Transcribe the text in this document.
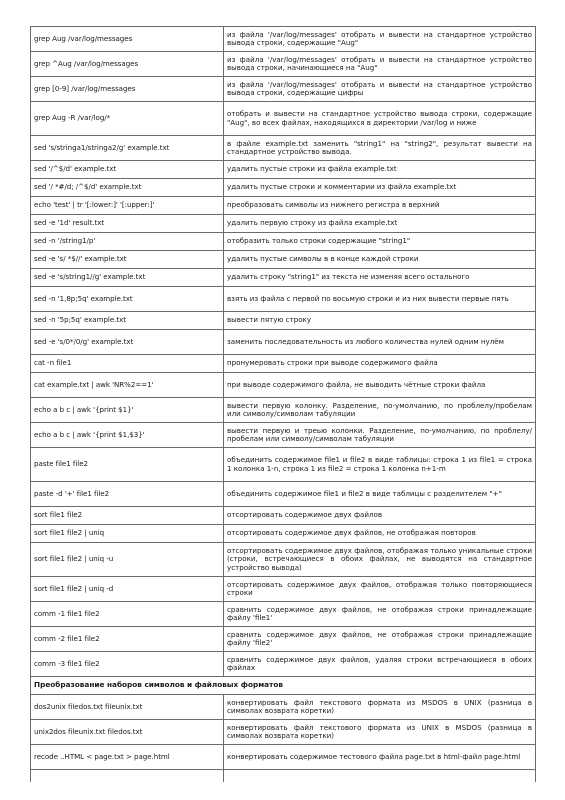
grep Aug /var/log/messages	из файла '/var/log/messages' отобрать и вывести на стандартное устройство вывода строки, содержащие "Aug"
grep ^Aug /var/log/messages	из файла '/var/log/messages' отобрать и вывести на стандартное устройство вывода строки, начинающиеся на "Aug"
grep [0-9] /var/log/messages	из файла '/var/log/messages' отобрать и вывести на стандартное устройство вывода строки, содержащие цифры
grep Aug -R /var/log/*	отобрать и вывести на стандартное устройство вывода строки, содержащие "Aug", во всех файлах, находящихся в директории /var/log и ниже
sed 's/stringa1/stringa2/g' example.txt	в файле example.txt заменить "string1" на "string2", результат вывести на стандартное устройство вывода.
sed '/^$/d' example.txt	удалить пустые строки из файла example.txt
sed '/ *#/d; /^$/d' example.txt	удалить пустые строки и комментарии из файла example.txt
echo 'test' | tr '[:lower:]' '[:upper:]'	преобразовать символы из нижнего регистра в верхний
sed -e '1d' result.txt	удалить первую строку из файла example.txt
sed -n '/string1/p'	отобразить только строки содержащие "string1"
sed -e 's/ *$//' example.txt	удалить пустые символы в в конце каждой строки
sed -e 's/string1//g' example.txt	удалить строку "string1" из текста не изменяя всего остального
sed -n '1,8p;5q' example.txt	взять из файла с первой по восьмую строки и из них вывести первые пять
sed -n '5p;5q' example.txt	вывести пятую строку
sed -e 's/0*/0/g' example.txt	заменить последовательность из любого количества нулей одним нулём
cat -n file1	пронумеровать строки при выводе содержимого файла
cat example.txt | awk 'NR%2==1'	при выводе содержимого файла, не выводить чётные строки файла
echo a b c | awk '{print $1}'	вывести первую колонку. Разделение, по-умолчанию, по проблелу/пробелам или символу/символам табуляции
echo a b c | awk '{print $1,$3}'	вывести первую и треью колонки. Разделение, по-умолчанию, по проблелу/пробелам или символу/символам табуляции
paste file1 file2	объединить содержимое file1 и file2 в виде таблицы: строка 1 из file1 = строка 1 колонка 1-n, строка 1 из file2 = строка 1 колонка n+1-m
paste -d '+' file1 file2	объединить содержимое file1 и file2 в виде таблицы с разделителем "+"
sort file1 file2	отсортировать содержимое двух файлов
sort file1 file2 | uniq	отсортировать содержимое двух файлов, не отображая повторов
sort file1 file2 | uniq -u	отсортировать содержимое двух файлов, отображая только уникальные строки (строки, встречающиеся в обоих файлах, не выводятся на стандартное устройство вывода)
sort file1 file2 | uniq -d	отсортировать содержимое двух файлов, отображая только повторяющиеся строки
comm -1 file1 file2	сравнить содержимое двух файлов, не отображая строки принадлежащие файлу 'file1'
comm -2 file1 file2	сравнить содержимое двух файлов, не отображая строки принадлежащие файлу 'file2'
comm -3 file1 file2	сравнить содержимое двух файлов, удаляя строки встречающиеся в обоих файлах
Преобразование наборов символов и файловых форматов	
dos2unix filedos.txt fileunix.txt	конвертировать файл текстового формата из MSDOS в UNIX (разница в символах возврата коретки)
unix2dos fileunix.txt filedos.txt	конвертировать файл текстового формата из UNIX в MSDOS (разница в символах возврата коретки)
recode ..HTML < page.txt > page.html	конвертировать содержимое тестового файла page.txt в html-файл page.html
